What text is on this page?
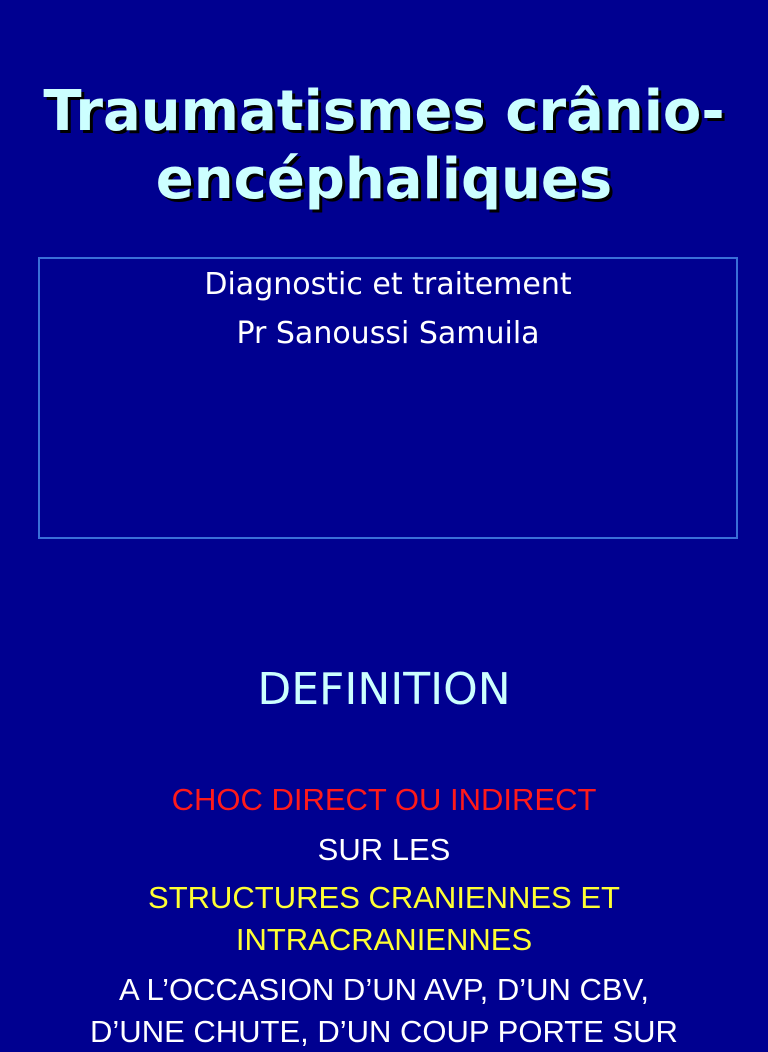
Traumatismes crânio-
encéphaliques
Diagnostic et traitement
Pr Sanoussi Samuila
DEFINITION
CHOC DIRECT OU INDIRECT
SUR LES
STRUCTURES CRANIENNES ET
INTRACRANIENNES
A L’OCCASION D’UN AVP, D’UN CBV,
D’UNE CHUTE, D’UN COUP PORTE SUR
